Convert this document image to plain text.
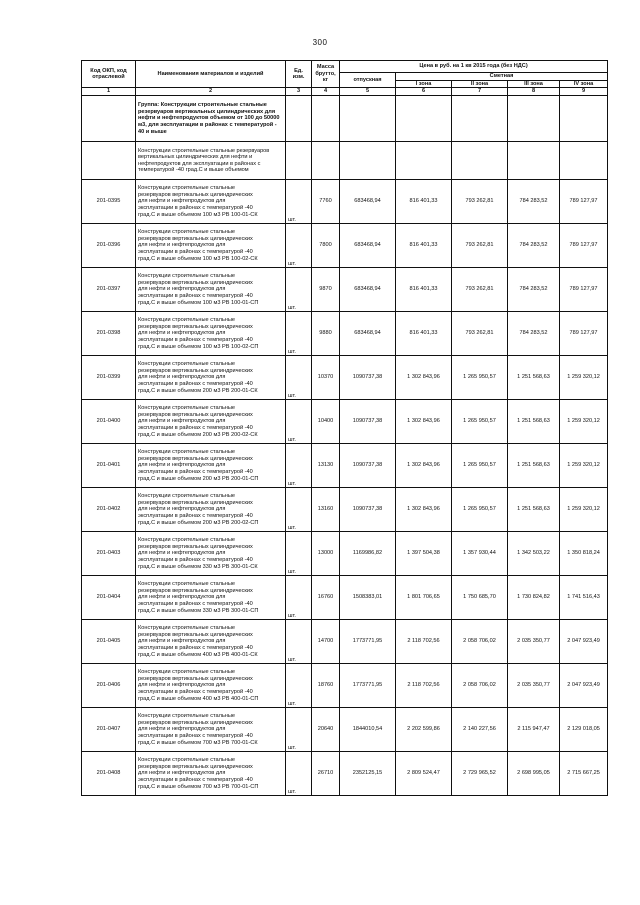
300
Код ОКП, код отраслевой	Наименования материалов и изделий	Ед. изм.	Масса брутто, кг	Цена в руб. на 1 кв 2015 года (без НДС)				
				отпускная	Сметная			
					I зона	II зона	III зона	IV зона
1	2	3	4	5	6	7	8	9
	Группа: Конструкции строительные стальные резервуаров вертикальных цилиндрических для нефти и нефтепродуктов объемом от 100 до 50000 м3, для эксплуатации в районах с температурой - 40 и выше							
	Конструкции строительные стальные резервуаров вертикальных цилиндрических для нефти и нефтепродуктов для эксплуатации в районах с температурой -40 град.С и выше объемом							
201-0395	Конструкции строительные стальные
резервуаров вертикальных цилиндрических
для нефти и нефтепродуктов для
эксплуатации в районах с температурой -40
град.С и выше объемом 100 м3 РВ 100-01-СК	шт.	7760	683468,94	816 401,33	793 262,81	784 283,52	789 127,97
201-0396	Конструкции строительные стальные
резервуаров вертикальных цилиндрических
для нефти и нефтепродуктов для
эксплуатации в районах с температурой -40
град.С и выше объемом 100 м3 РВ 100-02-СК	шт.	7800	683468,94	816 401,33	793 262,81	784 283,52	789 127,97
201-0397	Конструкции строительные стальные
резервуаров вертикальных цилиндрических
для нефти и нефтепродуктов для
эксплуатации в районах с температурой -40
град.С и выше объемом 100 м3 РВ 100-01-СП	шт.	9870	683468,94	816 401,33	793 262,81	784 283,52	789 127,97
201-0398	Конструкции строительные стальные
резервуаров вертикальных цилиндрических
для нефти и нефтепродуктов для
эксплуатации в районах с температурой -40
град.С и выше объемом 100 м3 РВ 100-02-СП	шт.	9880	683468,94	816 401,33	793 262,81	784 283,52	789 127,97
201-0399	Конструкции строительные стальные
резервуаров вертикальных цилиндрических
для нефти и нефтепродуктов для
эксплуатации в районах с температурой -40
град.С и выше объемом 200 м3 РВ 200-01-СК	шт.	10370	1090737,38	1 302 843,96	1 265 950,57	1 251 568,63	1 259 320,12
201-0400	Конструкции строительные стальные
резервуаров вертикальных цилиндрических
для нефти и нефтепродуктов для
эксплуатации в районах с температурой -40
град.С и выше объемом 200 м3 РВ 200-02-СК	шт.	10400	1090737,38	1 302 843,96	1 265 950,57	1 251 568,63	1 259 320,12
201-0401	Конструкции строительные стальные
резервуаров вертикальных цилиндрических
для нефти и нефтепродуктов для
эксплуатации в районах с температурой -40
град.С и выше объемом 200 м3 РВ 200-01-СП	шт.	13130	1090737,38	1 302 843,96	1 265 950,57	1 251 568,63	1 259 320,12
201-0402	Конструкции строительные стальные
резервуаров вертикальных цилиндрических
для нефти и нефтепродуктов для
эксплуатации в районах с температурой -40
град.С и выше объемом 200 м3 РВ 200-02-СП	шт.	13160	1090737,38	1 302 843,96	1 265 950,57	1 251 568,63	1 259 320,12
201-0403	Конструкции строительные стальные
резервуаров вертикальных цилиндрических
для нефти и нефтепродуктов для
эксплуатации в районах с температурой -40
град.С и выше объемом 330 м3 РВ 300-01-СК	шт.	13000	1169986,82	1 397 504,38	1 357 930,44	1 342 503,22	1 350 818,24
201-0404	Конструкции строительные стальные
резервуаров вертикальных цилиндрических
для нефти и нефтепродуктов для
эксплуатации в районах с температурой -40
град.С и выше объемом 330 м3 РВ 300-01-СП	шт.	16760	1508383,01	1 801 706,65	1 750 685,70	1 730 824,82	1 741 516,43
201-0405	Конструкции строительные стальные
резервуаров вертикальных цилиндрических
для нефти и нефтепродуктов для
эксплуатации в районах с температурой -40
град.С и выше объемом 400 м3 РВ 400-01-СК	шт.	14700	1773771,95	2 118 702,56	2 058 706,02	2 035 350,77	2 047 923,49
201-0406	Конструкции строительные стальные
резервуаров вертикальных цилиндрических
для нефти и нефтепродуктов для
эксплуатации в районах с температурой -40
град.С и выше объемом 400 м3 РВ 400-01-СП	шт.	18760	1773771,95	2 118 702,56	2 058 706,02	2 035 350,77	2 047 923,49
201-0407	Конструкции строительные стальные
резервуаров вертикальных цилиндрических
для нефти и нефтепродуктов для
эксплуатации в районах с температурой -40
град.С и выше объемом 700 м3 РВ 700-01-СК	шт.	20640	1844010,54	2 202 599,86	2 140 227,56	2 115 947,47	2 129 018,05
201-0408	Конструкции строительные стальные
резервуаров вертикальных цилиндрических
для нефти и нефтепродуктов для
эксплуатации в районах с температурой -40
град.С и выше объемом 700 м3 РВ 700-01-СП	шт.	26710	2352125,15	2 809 524,47	2 729 965,52	2 698 995,05	2 715 667,25
